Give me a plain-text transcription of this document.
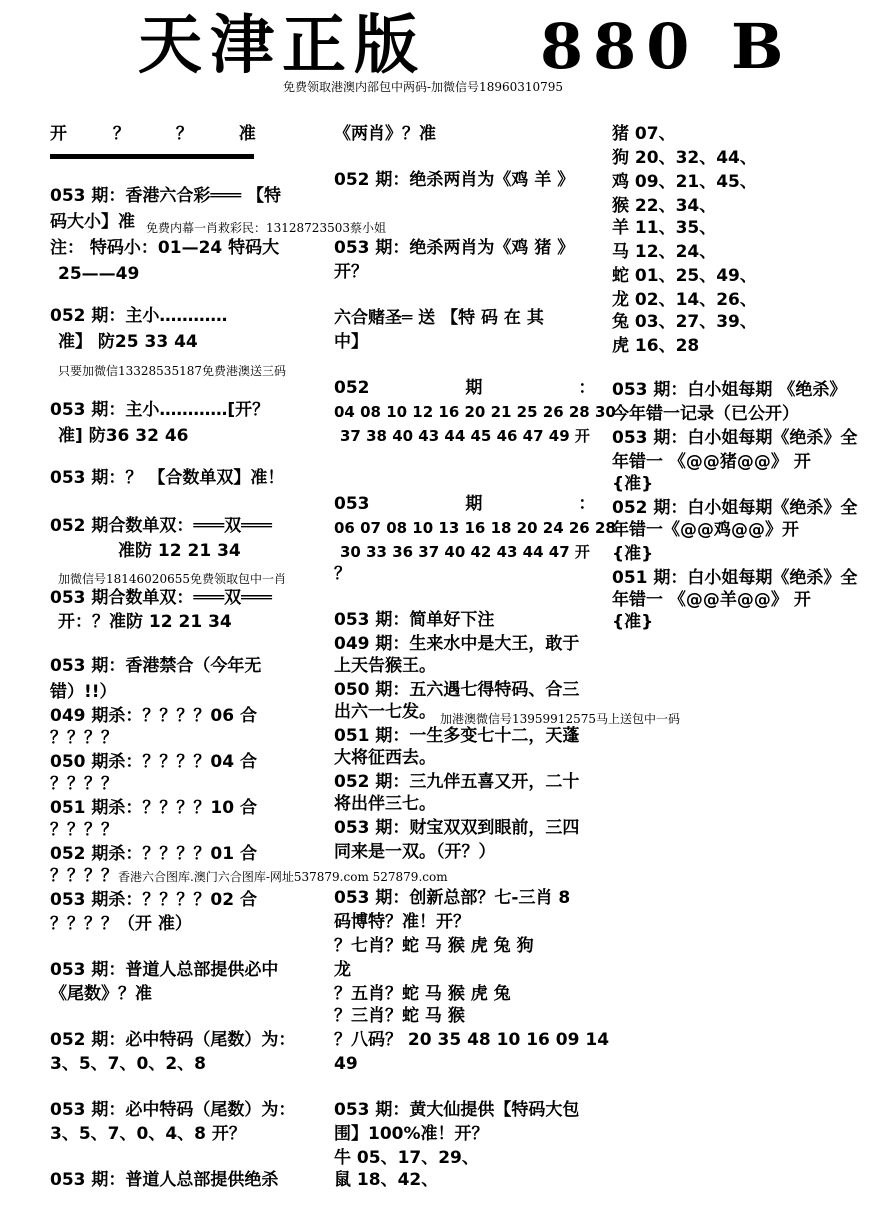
天津正版 880 B
免费领取港澳内部包中两码-加微信号18960310795
开 ？ ？ 准
053 期：香港六合彩═══ 【特
码大小】准 免费内幕一肖救彩民：13128723503蔡小姐
注： 特码小：01—24 特码大
25——49
052 期：主小…………
准】 防25 33 44
只要加微信13328535187免费港澳送三码
053 期：主小…………[开？
准] 防36 32 46
053 期：？ 【合数单双】准！
052 期合数单双：═══双═══
准防 12 21 34
加微信号18146020655免费领取包中一肖
053 期合数单双：═══双═══
开：？准防 12 21 34
053 期：香港禁合（今年无
错）!!）
049 期杀：？？？？06 合
？？？？
050 期杀：？？？？04 合
？？？？
051 期杀：？？？？10 合
？？？？
052 期杀：？？？？01 合
？？？？ 香港六合图库.澳门六合图库-网址537879.com 527879.com
053 期杀：？？？？02 合
？？？？（开 准）
053 期：普道人总部提供必中
《尾数》？准
052 期：必中特码（尾数）为：
3、5、7、0、2、8
053 期：必中特码（尾数）为：
3、5、7、0、4、8 开？
053 期：普道人总部提供绝杀
《两肖》？准
052 期：绝杀两肖为《鸡 羊 》
053 期：绝杀两肖为《鸡 猪 》
开？
六合赌圣═ 送 【特 码 在 其
中】
052 期 ：
04 08 10 12 16 20 21 25 26 28 30
37 38 40 43 44 45 46 47 49 开
053 期 ：
06 07 08 10 13 16 18 20 24 26 28
30 33 36 37 40 42 43 44 47 开
？
053 期：简单好下注
049 期：生来水中是大王，敢于
上天告猴王。
050 期：五六遇七得特码、合三
出六一七发。
051 期：一生多变七十二，天蓬
大将征西去。
052 期：三九伴五喜又开，二十
将出伴三七。
053 期：财宝双双到眼前，三四
同来是一双。（开？）
053 期：创新总部？七-三肖 8
码博特？准！开？
？七肖？蛇 马 猴 虎 兔 狗
龙
？五肖？蛇 马 猴 虎 兔
？三肖？蛇 马 猴
？八码？ 20 35 48 10 16 09 14
49
053 期：黄大仙提供【特码大包
围】100%准！开？
牛 05、17、29、
鼠 18、42、
猪 07、
狗 20、32、44、
鸡 09、21、45、
猴 22、34、
羊 11、35、
马 12、24、
蛇 01、25、49、
龙 02、14、26、
兔 03、27、39、
虎 16、28
053 期：白小姐每期 《绝杀》
今年错一记录（已公开）
053 期：白小姐每期《绝杀》全
年错一 《@@猪@@》 开
{准}
052 期：白小姐每期《绝杀》全
年错一《@@鸡@@》开
{准}
051 期：白小姐每期《绝杀》全
年错一 《@@羊@@》 开
{准}
加港澳微信号13959912575马上送包中一码
